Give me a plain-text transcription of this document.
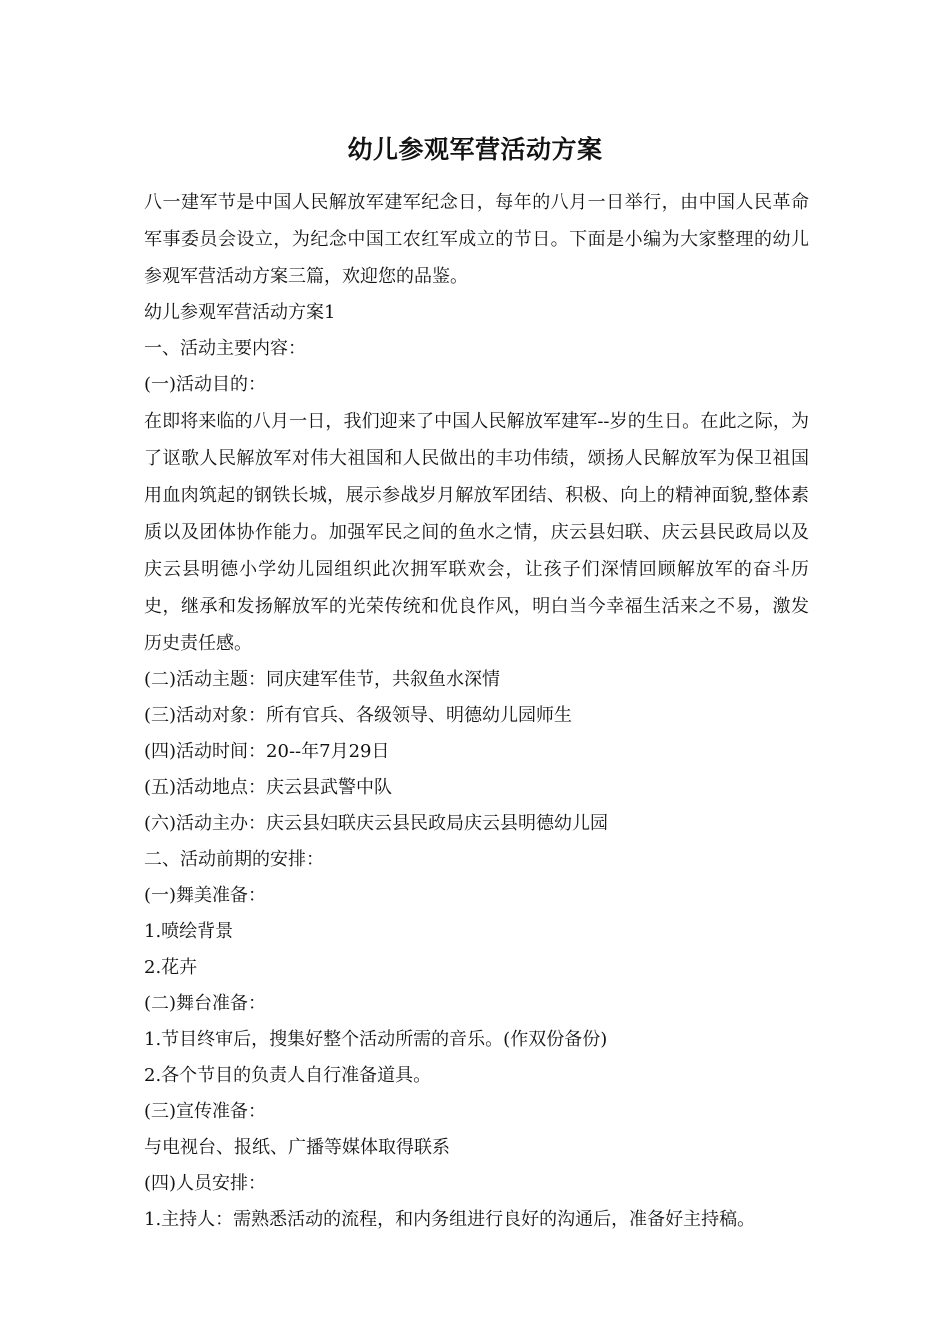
幼儿参观军营活动方案

八一建军节是中国人民解放军建军纪念日，每年的八月一日举行，由中国人民革命军事委员会设立，为纪念中国工农红军成立的节日。下面是小编为大家整理的幼儿参观军营活动方案三篇，欢迎您的品鉴。

幼儿参观军营活动方案1

一、活动主要内容：

(一)活动目的：

在即将来临的八月一日，我们迎来了中国人民解放军建军--岁的生日。在此之际，为了讴歌人民解放军对伟大祖国和人民做出的丰功伟绩，颂扬人民解放军为保卫祖国用血肉筑起的钢铁长城，展示参战岁月解放军团结、积极、向上的精神面貌,整体素质以及团体协作能力。加强军民之间的鱼水之情，庆云县妇联、庆云县民政局以及庆云县明德小学幼儿园组织此次拥军联欢会，让孩子们深情回顾解放军的奋斗历史，继承和发扬解放军的光荣传统和优良作风，明白当今幸福生活来之不易，激发历史责任感。

(二)活动主题：同庆建军佳节，共叙鱼水深情

(三)活动对象：所有官兵、各级领导、明德幼儿园师生

(四)活动时间：20--年7月29日

(五)活动地点：庆云县武警中队

(六)活动主办：庆云县妇联庆云县民政局庆云县明德幼儿园

二、活动前期的安排：

(一)舞美准备：

1.喷绘背景

2.花卉

(二)舞台准备：

1.节目终审后，搜集好整个活动所需的音乐。(作双份备份)

2.各个节目的负责人自行准备道具。

(三)宣传准备：

与电视台、报纸、广播等媒体取得联系

(四)人员安排：

1.主持人：需熟悉活动的流程，和内务组进行良好的沟通后，准备好主持稿。
